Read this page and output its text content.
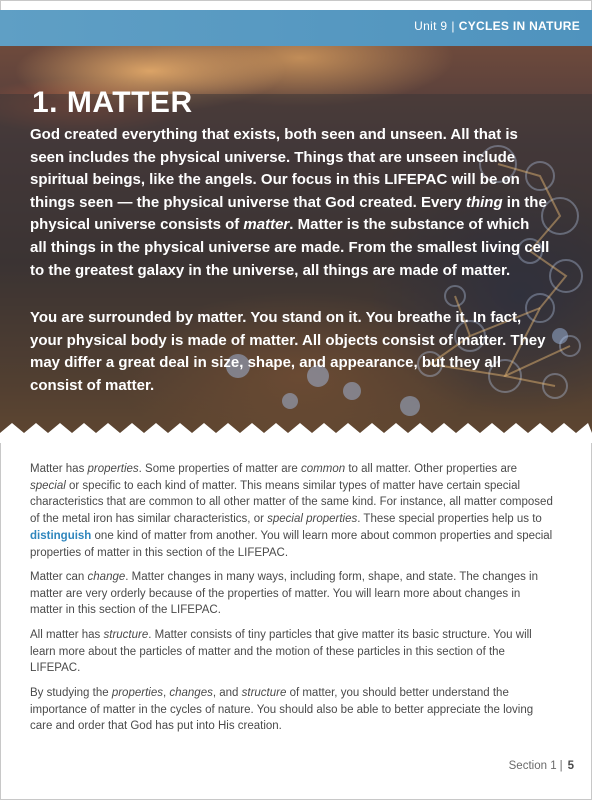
Unit 9 | CYCLES IN NATURE
1. MATTER

God created everything that exists, both seen and unseen. All that is seen includes the physical universe. Things that are unseen include spiritual beings, like the angels. Our focus in this LIFEPAC will be on things seen — the physical universe that God created. Every thing in the physical universe consists of matter. Matter is the substance of which all things in the physical universe are made. From the smallest living cell to the greatest galaxy in the universe, all things are made of matter.

You are surrounded by matter. You stand on it. You breathe it. In fact, your physical body is made of matter. All objects consist of matter. They may differ a great deal in size, shape, and appearance, but they all consist of matter.

Matter has properties. Some properties of matter are common to all matter. Other properties are special or specific to each kind of matter. This means similar types of matter have certain special characteristics that are common to all other matter of the same kind. For instance, all matter composed of the metal iron has similar characteristics, or special properties. These special properties help us to distinguish one kind of matter from another. You will learn more about common properties and special properties of matter in this section of the LIFEPAC.

Matter can change. Matter changes in many ways, including form, shape, and state. The changes in matter are very orderly because of the properties of matter. You will learn more about changes in matter in this section of the LIFEPAC.

All matter has structure. Matter consists of tiny particles that give matter its basic structure. You will learn more about the particles of matter and the motion of these particles in this section of the LIFEPAC.

By studying the properties, changes, and structure of matter, you should better understand the importance of matter in the cycles of nature. You should also be able to better appreciate the loving care and order that God has put into His creation.

Section 1 | 5
